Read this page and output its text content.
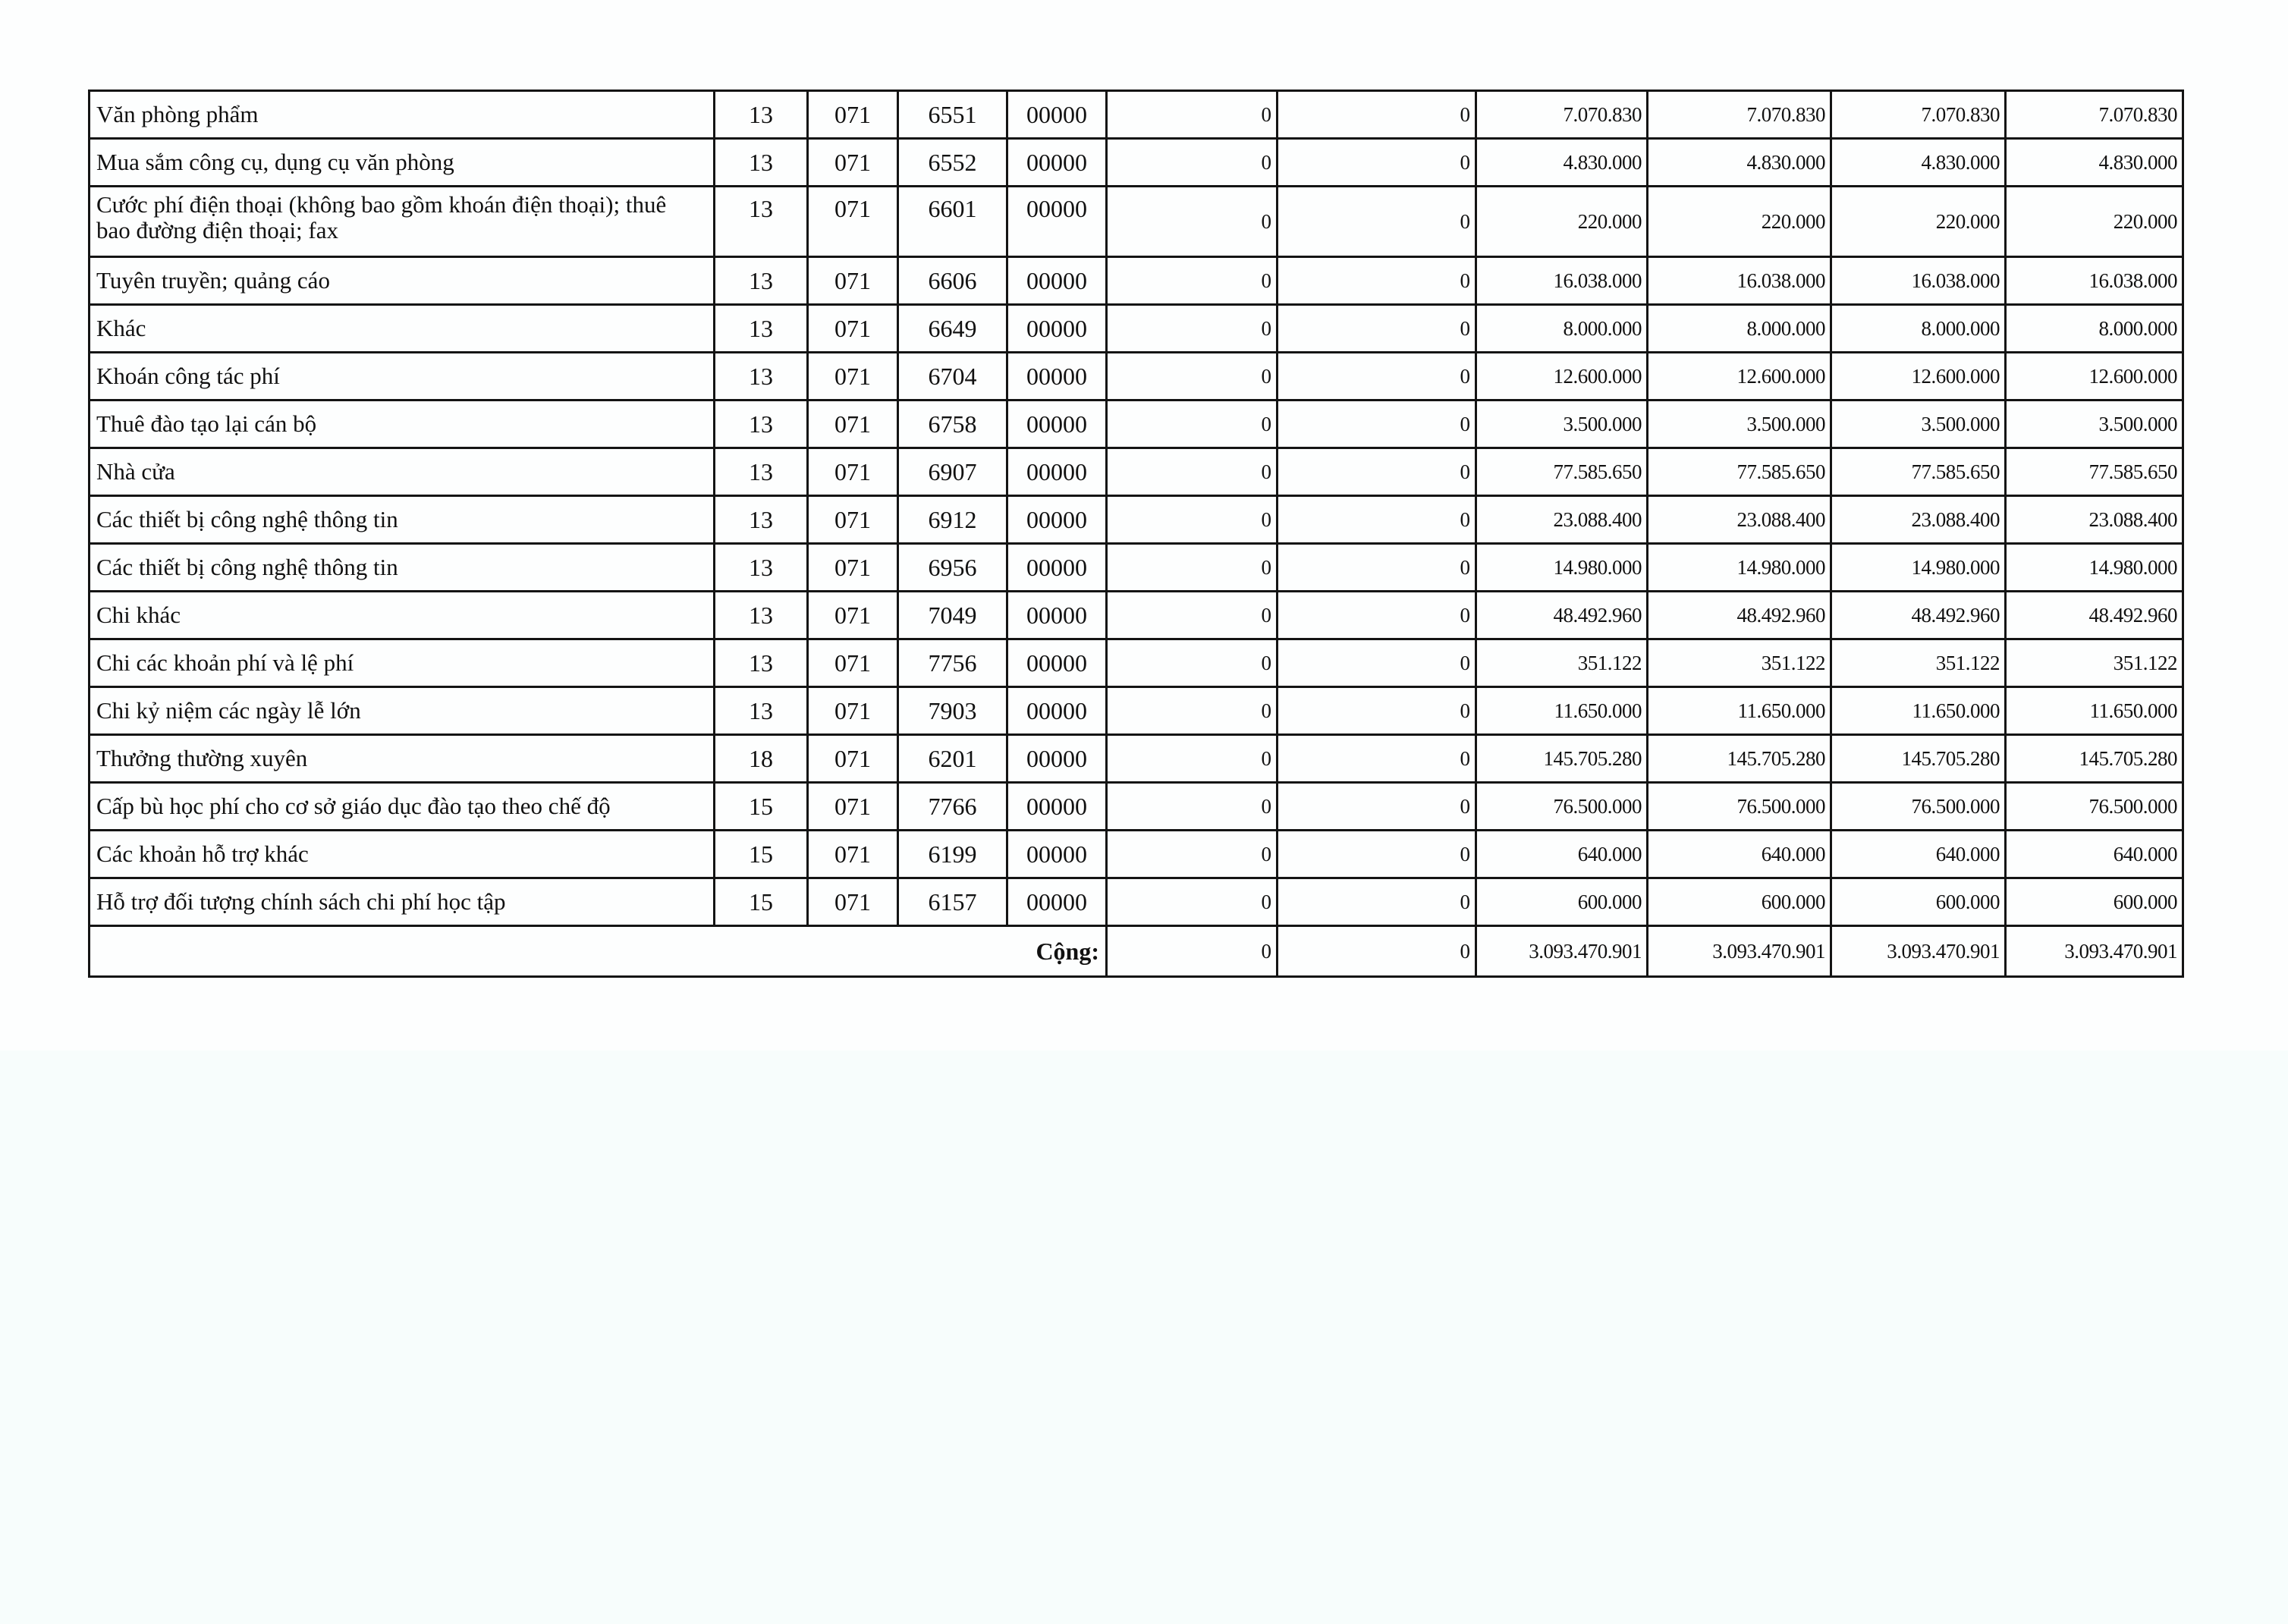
Văn phòng phẩm	13	071	6551	00000	0	0	7.070.830	7.070.830	7.070.830	7.070.830
Mua sắm công cụ, dụng cụ văn phòng	13	071	6552	00000	0	0	4.830.000	4.830.000	4.830.000	4.830.000
Cước phí điện thoại (không bao gồm khoán điện thoại); thuê bao đường điện thoại; fax	13	071	6601	00000	0	0	220.000	220.000	220.000	220.000
Tuyên truyền; quảng cáo	13	071	6606	00000	0	0	16.038.000	16.038.000	16.038.000	16.038.000
Khác	13	071	6649	00000	0	0	8.000.000	8.000.000	8.000.000	8.000.000
Khoán công tác phí	13	071	6704	00000	0	0	12.600.000	12.600.000	12.600.000	12.600.000
Thuê đào tạo lại cán bộ	13	071	6758	00000	0	0	3.500.000	3.500.000	3.500.000	3.500.000
Nhà cửa	13	071	6907	00000	0	0	77.585.650	77.585.650	77.585.650	77.585.650
Các thiết bị công nghệ thông tin	13	071	6912	00000	0	0	23.088.400	23.088.400	23.088.400	23.088.400
Các thiết bị công nghệ thông tin	13	071	6956	00000	0	0	14.980.000	14.980.000	14.980.000	14.980.000
Chi khác	13	071	7049	00000	0	0	48.492.960	48.492.960	48.492.960	48.492.960
Chi các khoản phí và lệ phí	13	071	7756	00000	0	0	351.122	351.122	351.122	351.122
Chi kỷ niệm các ngày lễ lớn	13	071	7903	00000	0	0	11.650.000	11.650.000	11.650.000	11.650.000
Thưởng thường xuyên	18	071	6201	00000	0	0	145.705.280	145.705.280	145.705.280	145.705.280
Cấp bù học phí cho cơ sở giáo dục đào tạo theo chế độ	15	071	7766	00000	0	0	76.500.000	76.500.000	76.500.000	76.500.000
Các khoản hỗ trợ khác	15	071	6199	00000	0	0	640.000	640.000	640.000	640.000
Hỗ trợ đối tượng chính sách chi phí học tập	15	071	6157	00000	0	0	600.000	600.000	600.000	600.000
Cộng:					0	0	3.093.470.901	3.093.470.901	3.093.470.901	3.093.470.901
